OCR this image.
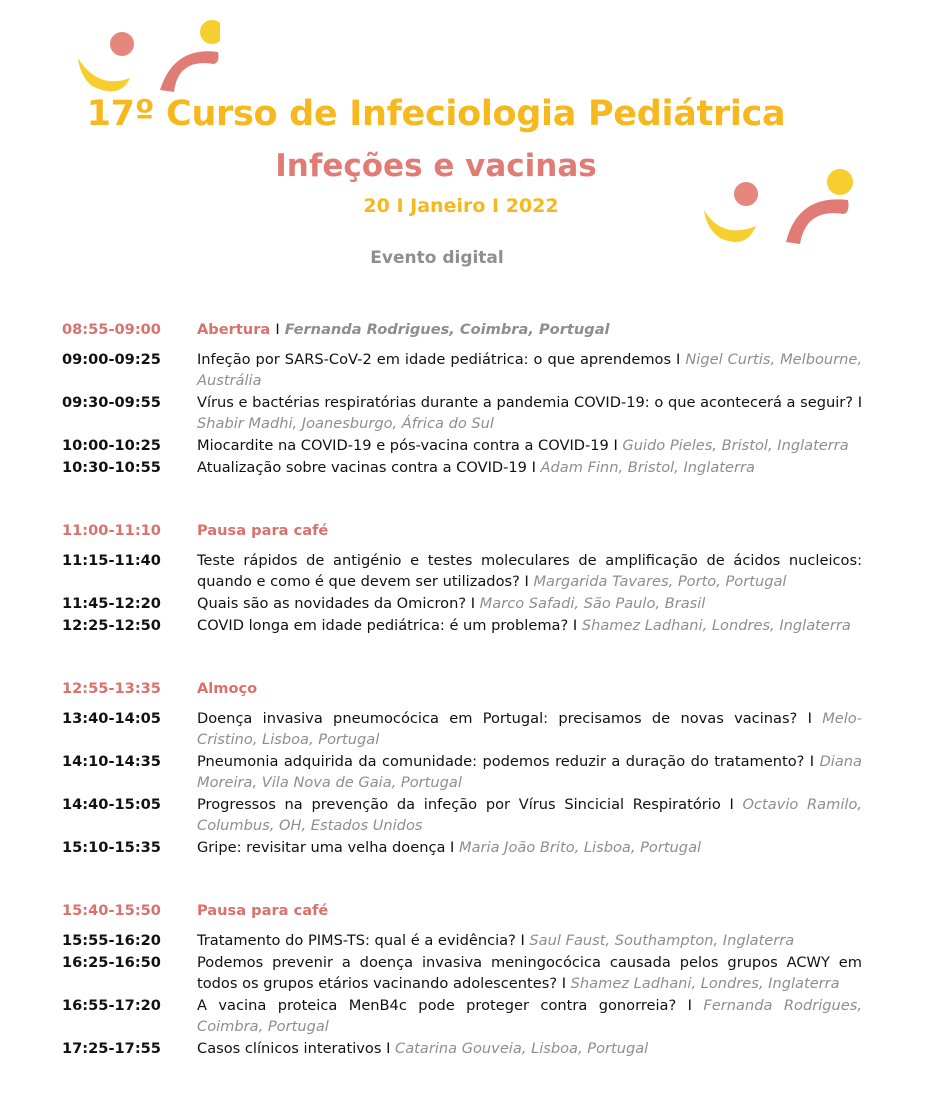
17º Curso de Infeciologia Pediátrica
Infeções e vacinas
20 I Janeiro I 2022
Evento digital
08:55-09:00	Abertura I Fernanda Rodrigues, Coimbra, Portugal
09:00-09:25	Infeção por SARS-CoV-2 em idade pediátrica: o que aprendemos I Nigel Curtis, Melbourne, Austrália
09:30-09:55	Vírus e bactérias respiratórias durante a pandemia COVID-19: o que acontecerá a seguir? I Shabir Madhi, Joanesburgo, África do Sul
10:00-10:25	Miocardite na COVID-19 e pós-vacina contra a COVID-19 I Guido Pieles, Bristol, Inglaterra
10:30-10:55	Atualização sobre vacinas contra a COVID-19 I Adam Finn, Bristol, Inglaterra
11:00-11:10	Pausa para café
11:15-11:40	Teste rápidos de antigénio e testes moleculares de amplificação de ácidos nucleicos: quando e como é que devem ser utilizados? I Margarida Tavares, Porto, Portugal
11:45-12:20	Quais são as novidades da Omicron? I Marco Safadi, São Paulo, Brasil
12:25-12:50	COVID longa em idade pediátrica: é um problema? I Shamez Ladhani, Londres, Inglaterra
12:55-13:35	Almoço
13:40-14:05	Doença invasiva pneumocócica em Portugal: precisamos de novas vacinas? I Melo-Cristino, Lisboa, Portugal
14:10-14:35	Pneumonia adquirida da comunidade: podemos reduzir a duração do tratamento? I Diana Moreira, Vila Nova de Gaia, Portugal
14:40-15:05	Progressos na prevenção da infeção por Vírus Sincicial Respiratório I Octavio Ramilo, Columbus, OH, Estados Unidos
15:10-15:35	Gripe: revisitar uma velha doença I Maria João Brito, Lisboa, Portugal
15:40-15:50	Pausa para café
15:55-16:20	Tratamento do PIMS-TS: qual é a evidência? I Saul Faust, Southampton, Inglaterra
16:25-16:50	Podemos prevenir a doença invasiva meningocócica causada pelos grupos ACWY em todos os grupos etários vacinando adolescentes? I Shamez Ladhani, Londres, Inglaterra
16:55-17:20	A vacina proteica MenB4c pode proteger contra gonorreia? I Fernanda Rodrigues, Coimbra, Portugal
17:25-17:55	Casos clínicos interativos I Catarina Gouveia, Lisboa, Portugal
